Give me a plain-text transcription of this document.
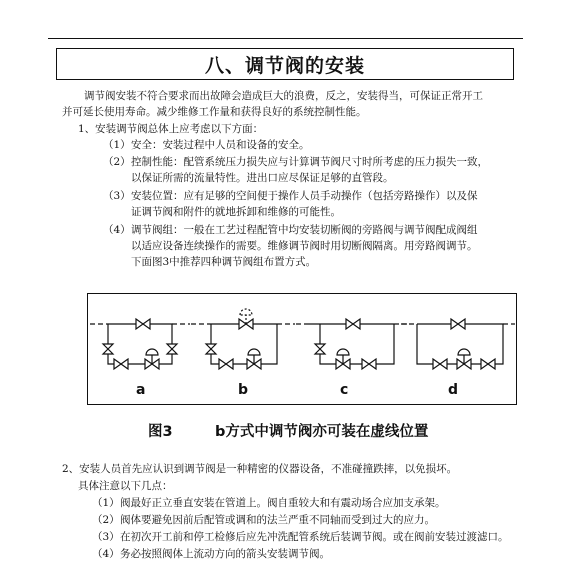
八、调节阀的安装
调节阀安装不符合要求而出故障会造成巨大的浪费，反之，安装得当，可保证正常开工
并可延长使用寿命。减少维修工作量和获得良好的系统控制性能。
1、安装调节阀总体上应考虑以下方面：
（1） 安全：安装过程中人员和设备的安全。
（2） 控制性能：配管系统压力损失应与计算调节阀尺寸时所考虑的压力损失一致，
以保证所需的流量特性。进出口应尽保证足够的直管段。
（3） 安装位置：应有足够的空间便于操作人员手动操作（包括旁路操作）以及保
证调节阀和附件的就地拆卸和维修的可能性。
（4） 调节阀组：一般在工艺过程配管中均安装切断阀的旁路阀与调节阀配成阀组
以适应设备连续操作的需要。维修调节阀时用切断阀隔离。用旁路阀调节。
下面图3中推荐四种调节阀组布置方式。
a	b	c	d
图3	b方式中调节阀亦可装在虚线位置
2、安装人员首先应认识到调节阀是一种精密的仪器设备，不准碰撞跌摔，以免损坏。
具体注意以下几点：
（1） 阀最好正立垂直安装在管道上。阀自重较大和有震动场合应加支承架。
（2） 阀体要避免因前后配管或调和的法兰严重不同轴而受到过大的应力。
（3） 在初次开工前和停工检修后应先冲洗配管系统后装调节阀。或在阀前安装过渡滤口。
（4） 务必按照阀体上流动方向的箭头安装调节阀。
